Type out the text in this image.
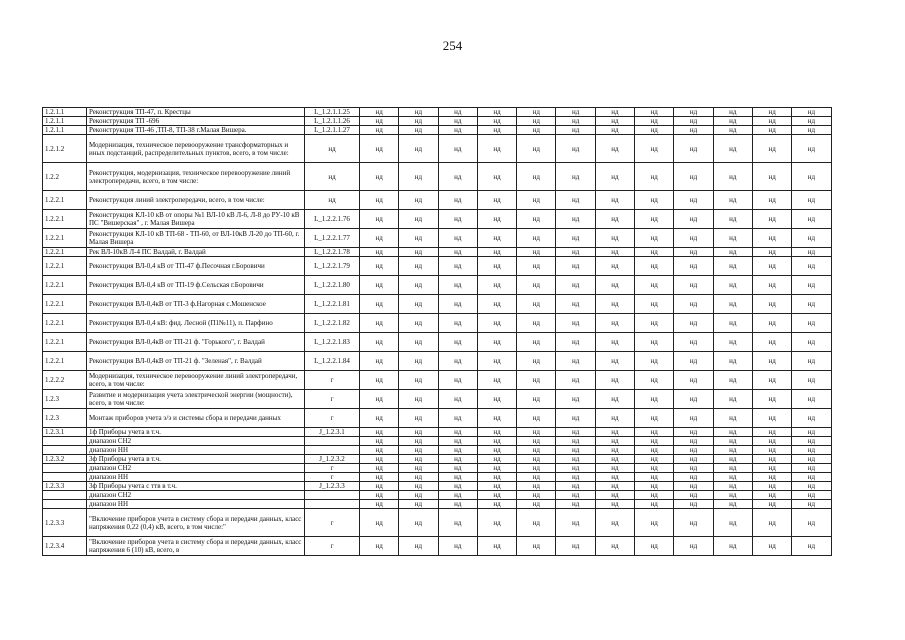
254
1.2.1.1	Реконструкция ТП-47, п. Крестцы	L_1.2.1.1.25	нд	нд	нд	нд	нд	нд	нд	нд	нд	нд	нд	нд
1.2.1.1	Реконструкция ТП -696	L_1.2.1.1.26	нд	нд	нд	нд	нд	нд	нд	нд	нд	нд	нд	нд
1.2.1.1	Реконструкция ТП-46 ,ТП-8, ТП-38 г.Малая Вишера.	L_1.2.1.1.27	нд	нд	нд	нд	нд	нд	нд	нд	нд	нд	нд	нд
1.2.1.2	Модернизация, техническое перевооружение трансформаторных и иных подстанций, распределительных пунктов, всего, в том числе:	нд	нд	нд	нд	нд	нд	нд	нд	нд	нд	нд	нд	нд
1.2.2	Реконструкция, модернизация, техническое перевооружение линий электропередачи, всего, в том числе:	нд	нд	нд	нд	нд	нд	нд	нд	нд	нд	нд	нд	нд
1.2.2.1	Реконструкция линий электропередачи, всего, в том числе:	нд	нд	нд	нд	нд	нд	нд	нд	нд	нд	нд	нд	нд
1.2.2.1	Реконструкция КЛ-10 кВ от опоры №1 ВЛ-10 кВ Л-6, Л-8 до РУ-10 кВ ПС "Вишерская" , г. Малая Вишера	L_1.2.2.1.76	нд	нд	нд	нд	нд	нд	нд	нд	нд	нд	нд	нд
1.2.2.1	Реконструкция КЛ-10 кВ ТП-68 - ТП-60, от ВЛ-10кВ Л-20 до ТП-60, г. Малая Вишера	L_1.2.2.1.77	нд	нд	нд	нд	нд	нд	нд	нд	нд	нд	нд	нд
1.2.2.1	Рек ВЛ-10кВ Л-4 ПС Валдай, г. Валдай	L_1.2.2.1.78	нд	нд	нд	нд	нд	нд	нд	нд	нд	нд	нд	нд
1.2.2.1	Реконструкция ВЛ-0,4 кВ от ТП-47 ф.Песочная г.Боровичи	L_1.2.2.1.79	нд	нд	нд	нд	нд	нд	нд	нд	нд	нд	нд	нд
1.2.2.1	Реконструкция ВЛ-0,4 кВ от ТП-19 ф.Сельская г.Боровичи	L_1.2.2.1.80	нд	нд	нд	нд	нд	нд	нд	нд	нд	нд	нд	нд
1.2.2.1	Реконструкция ВЛ-0,4кВ от ТП-3 ф.Нагорная с.Мошенское	L_1.2.2.1.81	нд	нд	нд	нд	нд	нд	нд	нд	нд	нд	нд	нд
1.2.2.1	Реконструкция ВЛ-0,4 кВ: фид. Лесной (П1№11), п. Парфино	L_1.2.2.1.82	нд	нд	нд	нд	нд	нд	нд	нд	нд	нд	нд	нд
1.2.2.1	Реконструкция ВЛ-0,4кВ от ТП-21 ф. "Горького", г. Валдай	L_1.2.2.1.83	нд	нд	нд	нд	нд	нд	нд	нд	нд	нд	нд	нд
1.2.2.1	Реконструкция ВЛ-0,4кВ от ТП-21 ф. "Зеленая", г. Валдай	L_1.2.2.1.84	нд	нд	нд	нд	нд	нд	нд	нд	нд	нд	нд	нд
1.2.2.2	Модернизация, техническое перевооружение линий электропередачи, всего, в том числе:	г	нд	нд	нд	нд	нд	нд	нд	нд	нд	нд	нд	нд
1.2.3	Развитие и модернизация учета электрической энергии (мощности), всего, в том числе:	г	нд	нд	нд	нд	нд	нд	нд	нд	нд	нд	нд	нд
1.2.3	Монтаж приборов учета э/э и системы сбора и передачи данных	г	нд	нд	нд	нд	нд	нд	нд	нд	нд	нд	нд	нд
1.2.3.1	1ф Приборы учета в т.ч.	J_1.2.3.1	нд	нд	нд	нд	нд	нд	нд	нд	нд	нд	нд	нд
	диапазон СН2		нд	нд	нд	нд	нд	нд	нд	нд	нд	нд	нд	нд
	диапазон НН		нд	нд	нд	нд	нд	нд	нд	нд	нд	нд	нд	нд
1.2.3.2	3ф Приборы учета в т.ч.	J_1.2.3.2	нд	нд	нд	нд	нд	нд	нд	нд	нд	нд	нд	нд
	диапазон СН2	г	нд	нд	нд	нд	нд	нд	нд	нд	нд	нд	нд	нд
	диапазон НН	г	нд	нд	нд	нд	нд	нд	нд	нд	нд	нд	нд	нд
1.2.3.3	3ф Приборы учета с ттв в т.ч.	J_1.2.3.3	нд	нд	нд	нд	нд	нд	нд	нд	нд	нд	нд	нд
	диапазон СН2		нд	нд	нд	нд	нд	нд	нд	нд	нд	нд	нд	нд
	диапазон НН		нд	нд	нд	нд	нд	нд	нд	нд	нд	нд	нд	нд
1.2.3.3	"Включение приборов учета в систему сбора и передачи данных, класс напряжения 0,22 (0,4) кВ, всего, в том числе:"	г	нд	нд	нд	нд	нд	нд	нд	нд	нд	нд	нд	нд
1.2.3.4	"Включение приборов учета в систему сбора и передачи данных, класс напряжения 6 (10) кВ, всего, в	г	нд	нд	нд	нд	нд	нд	нд	нд	нд	нд	нд	нд
